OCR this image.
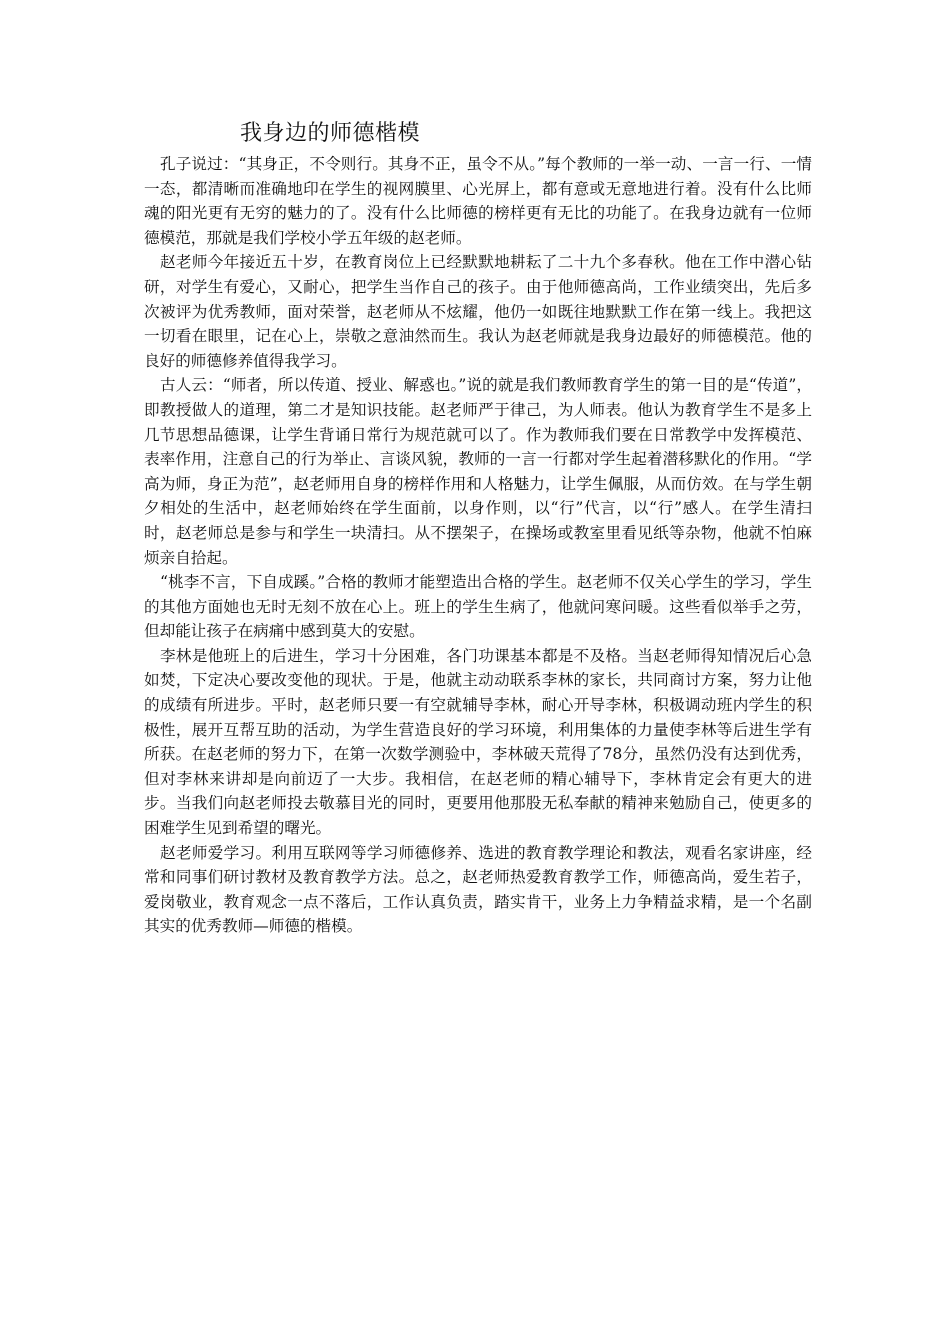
我身边的师德楷模

孔子说过：“其身正，不令则行。其身不正，虽令不从。”每个教师的一举一动、一言一行、一情一态，都清晰而准确地印在学生的视网膜里、心光屏上，都有意或无意地进行着。没有什么比师魂的阳光更有无穷的魅力的了。没有什么比师德的榜样更有无比的功能了。在我身边就有一位师德模范，那就是我们学校小学五年级的赵老师。

赵老师今年接近五十岁，在教育岗位上已经默默地耕耘了二十九个多春秋。他在工作中潜心钻研，对学生有爱心，又耐心，把学生当作自己的孩子。由于他师德高尚，工作业绩突出，先后多次被评为优秀教师，面对荣誉，赵老师从不炫耀，他仍一如既往地默默工作在第一线上。我把这一切看在眼里，记在心上，崇敬之意油然而生。我认为赵老师就是我身边最好的师德模范。他的良好的师德修养值得我学习。

古人云：“师者，所以传道、授业、解惑也。”说的就是我们教师教育学生的第一目的是“传道”，即教授做人的道理，第二才是知识技能。赵老师严于律己，为人师表。他认为教育学生不是多上几节思想品德课，让学生背诵日常行为规范就可以了。作为教师我们要在日常教学中发挥模范、表率作用，注意自己的行为举止、言谈风貌，教师的一言一行都对学生起着潜移默化的作用。“学高为师，身正为范”，赵老师用自身的榜样作用和人格魅力，让学生佩服，从而仿效。在与学生朝夕相处的生活中，赵老师始终在学生面前，以身作则，以“行”代言，以“行”感人。在学生清扫时，赵老师总是参与和学生一块清扫。从不摆架子，在操场或教室里看见纸等杂物，他就不怕麻烦亲自拾起。

“桃李不言，下自成蹊。”合格的教师才能塑造出合格的学生。赵老师不仅关心学生的学习，学生的其他方面她也无时无刻不放在心上。班上的学生生病了，他就问寒问暖。这些看似举手之劳，但却能让孩子在病痛中感到莫大的安慰。

李林是他班上的后进生，学习十分困难，各门功课基本都是不及格。当赵老师得知情况后心急如焚，下定决心要改变他的现状。于是，他就主动动联系李林的家长，共同商讨方案，努力让他的成绩有所进步。平时，赵老师只要一有空就辅导李林，耐心开导李林，积极调动班内学生的积极性，展开互帮互助的活动，为学生营造良好的学习环境，利用集体的力量使李林等后进生学有所获。在赵老师的努力下，在第一次数学测验中，李林破天荒得了78分，虽然仍没有达到优秀，但对李林来讲却是向前迈了一大步。我相信，在赵老师的精心辅导下，李林肯定会有更大的进步。当我们向赵老师投去敬慕目光的同时，更要用他那股无私奉献的精神来勉励自己，使更多的困难学生见到希望的曙光。

赵老师爱学习。利用互联网等学习师德修养、选进的教育教学理论和教法，观看名家讲座，经常和同事们研讨教材及教育教学方法。总之，赵老师热爱教育教学工作，师德高尚，爱生若子，爱岗敬业，教育观念一点不落后，工作认真负责，踏实肯干，业务上力争精益求精，是一个名副其实的优秀教师—师德的楷模。
